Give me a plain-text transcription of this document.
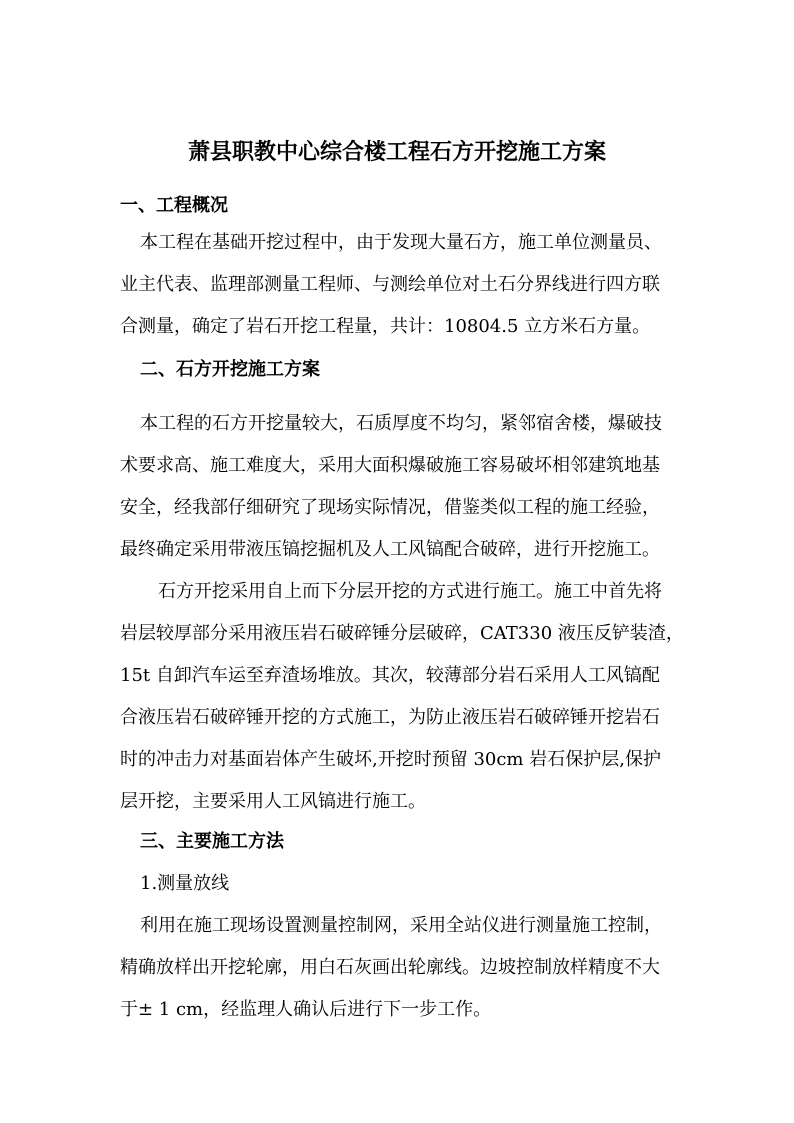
萧县职教中心综合楼工程石方开挖施工方案
一、工程概况
本工程在基础开挖过程中，由于发现大量石方，施工单位测量员、
业主代表、监理部测量工程师、与测绘单位对土石分界线进行四方联
合测量，确定了岩石开挖工程量，共计：10804.5 立方米石方量。
二、石方开挖施工方案
本工程的石方开挖量较大，石质厚度不均匀，紧邻宿舍楼，爆破技
术要求高、施工难度大，采用大面积爆破施工容易破坏相邻建筑地基
安全，经我部仔细研究了现场实际情况，借鉴类似工程的施工经验，
最终确定采用带液压镐挖掘机及人工风镐配合破碎，进行开挖施工。
石方开挖采用自上而下分层开挖的方式进行施工。施工中首先将
岩层较厚部分采用液压岩石破碎锤分层破碎，CAT330 液压反铲装渣，
15t 自卸汽车运至弃渣场堆放。其次，较薄部分岩石采用人工风镐配
合液压岩石破碎锤开挖的方式施工，为防止液压岩石破碎锤开挖岩石
时的冲击力对基面岩体产生破坏,开挖时预留 30cm 岩石保护层,保护
层开挖，主要采用人工风镐进行施工。
三、主要施工方法
1.测量放线
利用在施工现场设置测量控制网，采用全站仪进行测量施工控制，
精确放样出开挖轮廓，用白石灰画出轮廓线。边坡控制放样精度不大
于± 1 cm，经监理人确认后进行下一步工作。
